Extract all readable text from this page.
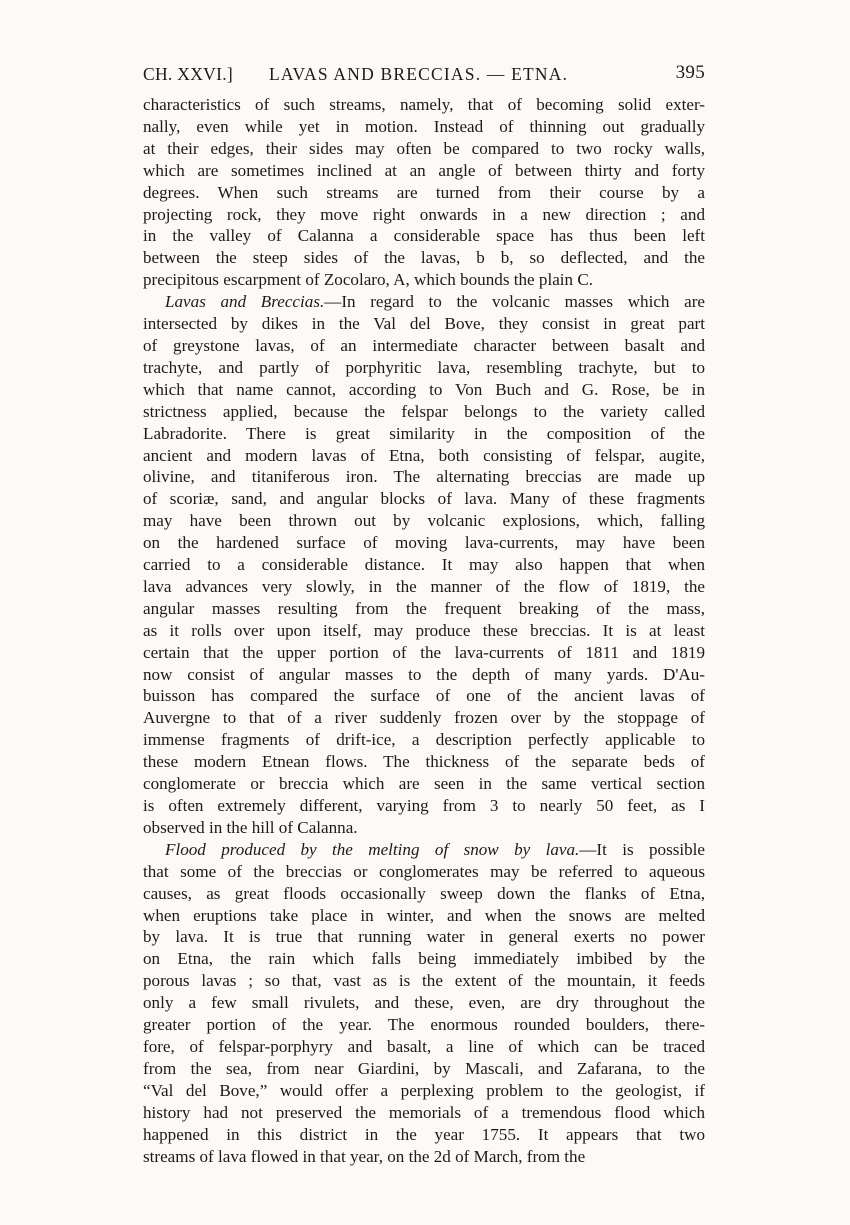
CH. XXVI.] LAVAS AND BRECCIAS. — ETNA.	395
characteristics of such streams, namely, that of becoming solid exter-
nally, even while yet in motion. Instead of thinning out gradually
at their edges, their sides may often be compared to two rocky walls,
which are sometimes inclined at an angle of between thirty and forty
degrees. When such streams are turned from their course by a
projecting rock, they move right onwards in a new direction ; and
in the valley of Calanna a considerable space has thus been left
between the steep sides of the lavas, b b, so deflected, and the
precipitous escarpment of Zocolaro, A, which bounds the plain C.
Lavas and Breccias.—In regard to the volcanic masses which are
intersected by dikes in the Val del Bove, they consist in great part
of greystone lavas, of an intermediate character between basalt and
trachyte, and partly of porphyritic lava, resembling trachyte, but to
which that name cannot, according to Von Buch and G. Rose, be in
strictness applied, because the felspar belongs to the variety called
Labradorite. There is great similarity in the composition of the
ancient and modern lavas of Etna, both consisting of felspar, augite,
olivine, and titaniferous iron. The alternating breccias are made up
of scoriæ, sand, and angular blocks of lava. Many of these fragments
may have been thrown out by volcanic explosions, which, falling
on the hardened surface of moving lava-currents, may have been
carried to a considerable distance. It may also happen that when
lava advances very slowly, in the manner of the flow of 1819, the
angular masses resulting from the frequent breaking of the mass,
as it rolls over upon itself, may produce these breccias. It is at least
certain that the upper portion of the lava-currents of 1811 and 1819
now consist of angular masses to the depth of many yards. D'Au-
buisson has compared the surface of one of the ancient lavas of
Auvergne to that of a river suddenly frozen over by the stoppage of
immense fragments of drift-ice, a description perfectly applicable to
these modern Etnean flows. The thickness of the separate beds of
conglomerate or breccia which are seen in the same vertical section
is often extremely different, varying from 3 to nearly 50 feet, as I
observed in the hill of Calanna.
Flood produced by the melting of snow by lava.—It is possible
that some of the breccias or conglomerates may be referred to aqueous
causes, as great floods occasionally sweep down the flanks of Etna,
when eruptions take place in winter, and when the snows are melted
by lava. It is true that running water in general exerts no power
on Etna, the rain which falls being immediately imbibed by the
porous lavas ; so that, vast as is the extent of the mountain, it feeds
only a few small rivulets, and these, even, are dry throughout the
greater portion of the year. The enormous rounded boulders, there-
fore, of felspar-porphyry and basalt, a line of which can be traced
from the sea, from near Giardini, by Mascali, and Zafarana, to the
“Val del Bove,” would offer a perplexing problem to the geologist, if
history had not preserved the memorials of a tremendous flood which
happened in this district in the year 1755. It appears that two
streams of lava flowed in that year, on the 2d of March, from the
